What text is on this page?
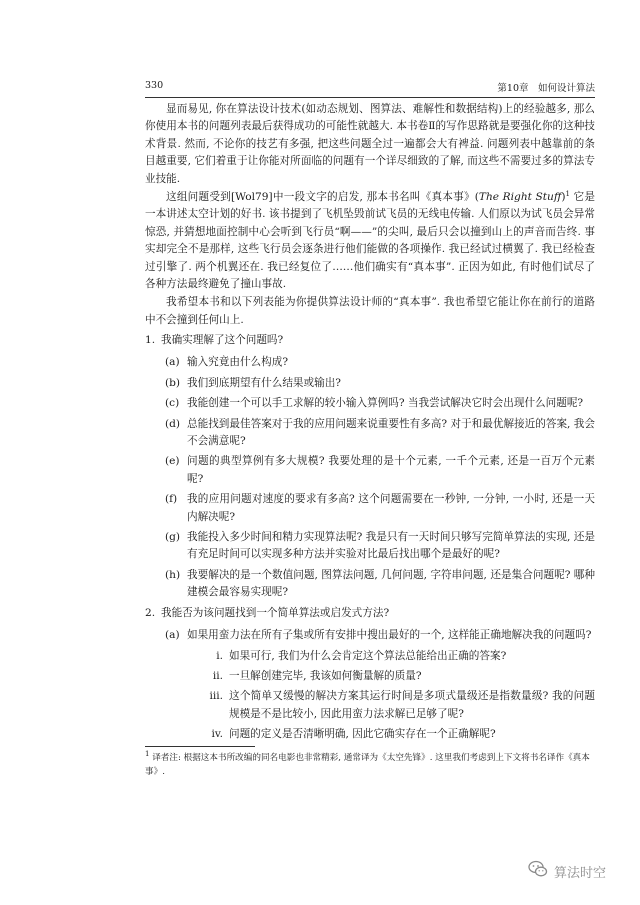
330	第10章　如何设计算法

显而易见, 你在算法设计技术(如动态规划、图算法、难解性和数据结构)上的经验越多, 那么你使用本书的问题列表最后获得成功的可能性就越大. 本书卷Ⅱ的写作思路就是要强化你的这种技术背景. 然而, 不论你的技艺有多强, 把这些问题全过一遍都会大有裨益. 问题列表中越靠前的条目越重要, 它们着重于让你能对所面临的问题有一个详尽细致的了解, 而这些不需要过多的算法专业技能.

这组问题受到[Wol79]中一段文字的启发, 那本书名叫《真本事》(The Right Stuff)$^1$ 它是一本讲述太空计划的好书. 该书提到了飞机坠毁前试飞员的无线电传输. 人们原以为试飞员会异常惊恐, 并猜想地面控制中心会听到飞行员“啊——”的尖叫, 最后只会以撞到山上的声音而告终. 事实却完全不是那样, 这些飞行员会逐条进行他们能做的各项操作. 我已经试过横翼了. 我已经检查过引擎了. 两个机翼还在. 我已经复位了……他们确实有“真本事”. 正因为如此, 有时他们试尽了各种方法最终避免了撞山事故.

我希望本书和以下列表能为你提供算法设计师的“真本事”. 我也希望它能让你在前行的道路中不会撞到任何山上.

1. 我确实理解了这个问题吗?
(a) 输入究竟由什么构成?
(b) 我们到底期望有什么结果或输出?
(c) 我能创建一个可以手工求解的较小输入算例吗? 当我尝试解决它时会出现什么问题呢?
(d) 总能找到最佳答案对于我的应用问题来说重要性有多高? 对于和最优解接近的答案, 我会不会满意呢?
(e) 问题的典型算例有多大规模? 我要处理的是十个元素, 一千个元素, 还是一百万个元素呢?
(f) 我的应用问题对速度的要求有多高? 这个问题需要在一秒钟, 一分钟, 一小时, 还是一天内解决呢?
(g) 我能投入多少时间和精力实现算法呢? 我是只有一天时间只够写完简单算法的实现, 还是有充足时间可以实现多种方法并实验对比最后找出哪个是最好的呢?
(h) 我要解决的是一个数值问题, 图算法问题, 几何问题, 字符串问题, 还是集合问题呢? 哪种建模会最容易实现呢?
2. 我能否为该问题找到一个简单算法或启发式方法?
(a) 如果用蛮力法在所有子集或所有安排中搜出最好的一个, 这样能正确地解决我的问题吗?
i. 如果可行, 我们为什么会肯定这个算法总能给出正确的答案?
ii. 一旦解创建完毕, 我该如何衡量解的质量?
iii. 这个简单又缓慢的解决方案其运行时间是多项式量级还是指数量级? 我的问题规模是不是比较小, 因此用蛮力法求解已足够了呢?
iv. 问题的定义是否清晰明确, 因此它确实存在一个正确解呢?
$^1$ 译者注: 根据这本书所改编的同名电影也非常精彩, 通常译为《太空先锋》. 这里我们考虑到上下文将书名译作《真本事》.
算法时空
